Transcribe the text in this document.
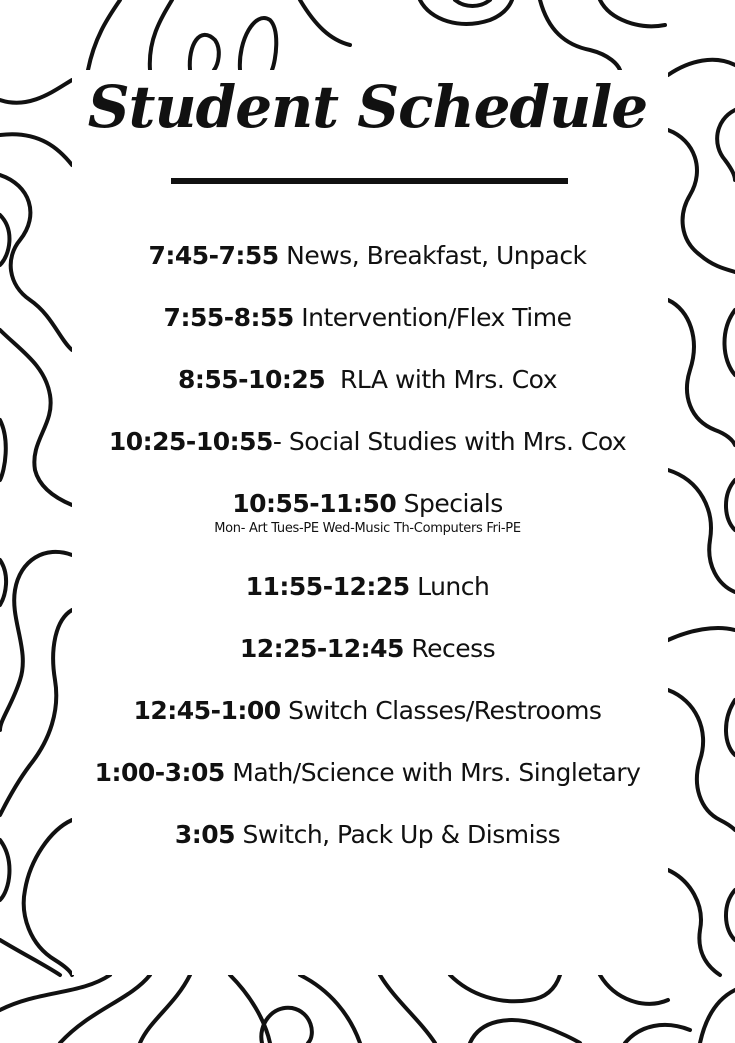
Student Schedule
7:45-7:55 News, Breakfast, Unpack
7:55-8:55 Intervention/Flex Time
8:55-10:25  RLA with Mrs. Cox
10:25-10:55- Social Studies with Mrs. Cox
10:55-11:50 Specials
Mon- Art Tues-PE Wed-Music Th-Computers Fri-PE
11:55-12:25 Lunch
12:25-12:45 Recess
12:45-1:00 Switch Classes/Restrooms
1:00-3:05 Math/Science with Mrs. Singletary
3:05 Switch, Pack Up & Dismiss
